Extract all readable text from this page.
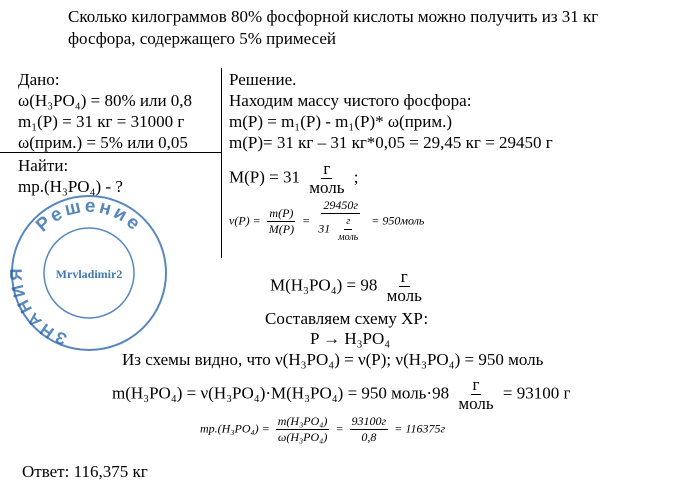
Сколько килограммов 80% фосфорной кислоты можно получить из 31 кг фосфора, содержащего 5% примесей
Дано:
ω(H₃PO₄) = 80% или 0,8
m₁(P) = 31 кг = 31000 г
ω(прим.) = 5% или 0,05
Найти:
mр.(H₃PO₄) - ?
Решение.
Находим массу чистого фосфора:
m(P) = m₁(P) - m₁(P)* ω(прим.)
m(P)= 31 кг – 31 кг*0,05 = 29,45 кг = 29450 г
$M(P) = 31 \frac{г}{\text{моль}}$ ;
$\nu(P) = \frac{m(P)}{M(P)} = \frac{29450г}{31 \frac{г}{\text{моль}}}$ = 950моль
$M(H_3PO_4) = 98 \frac{г}{\text{моль}}$
Составляем схему ХР:
P → H₃PO₄
Из схемы видно, что ν(H₃PO₄) = ν(P); ν(H₃PO₄) = 950 моль
m(H₃PO₄) = ν(H₃PO₄)·M(H₃PO₄) = 950 моль·98 $\frac{г}{\text{моль}} = 93100$ г
$mр.(H_3PO_4) = \frac{\text{m(H₃PO₄)}}{\text{ω(H₃PO₄)}} = \frac{93100г}{0,8} = 116375г$
Ответ: 116,375 кг
Решение
ЗНАНИЯ	Mrvladimir2
